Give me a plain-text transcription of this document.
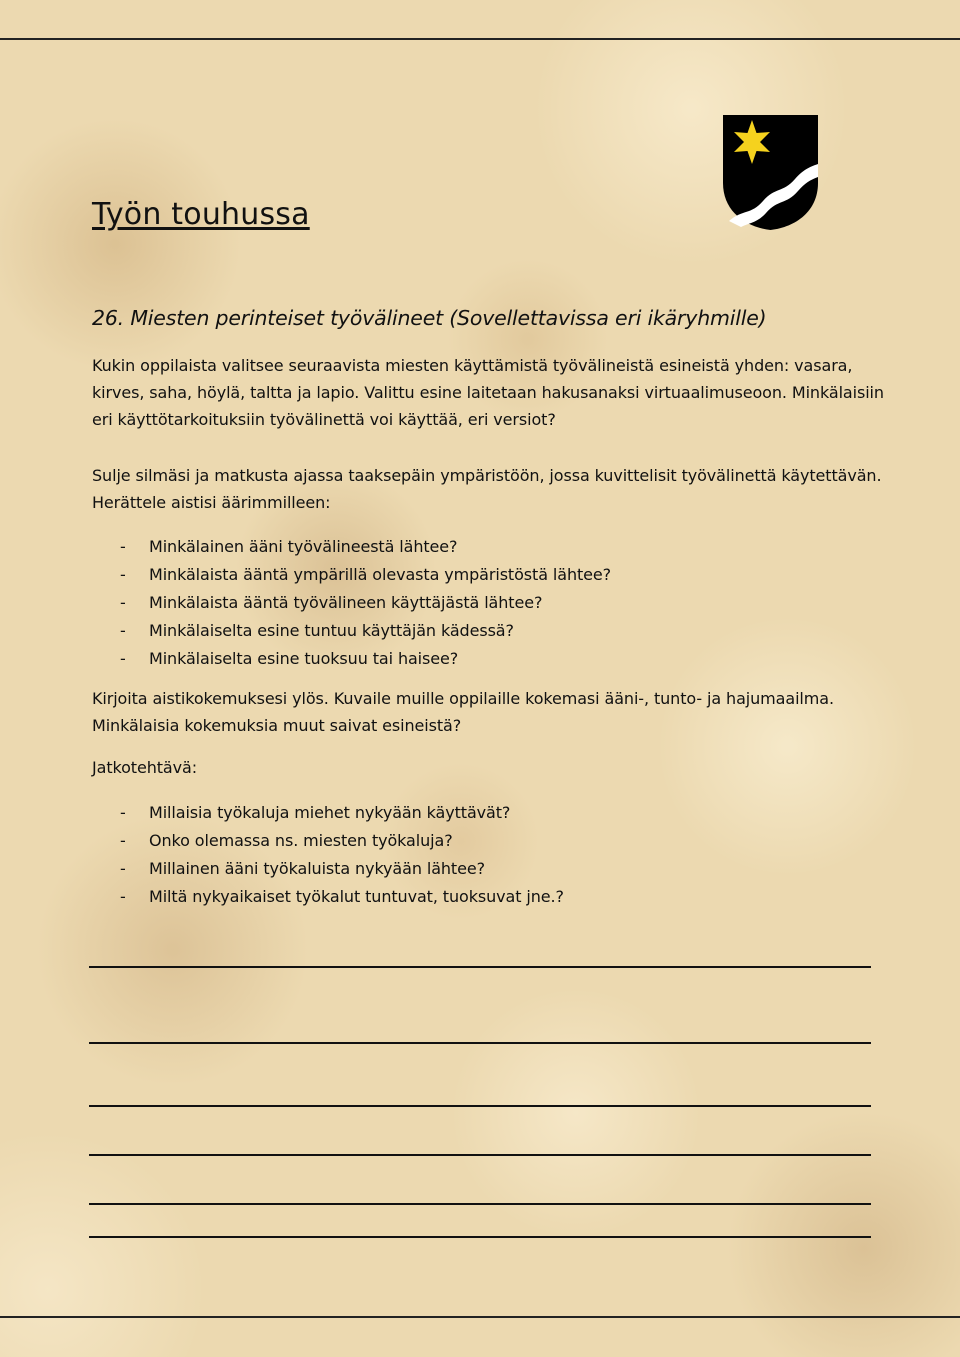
Työn touhussa
26. Miesten perinteiset työvälineet (Sovellettavissa eri ikäryhmille)

Kukin oppilaista valitsee seuraavista miesten käyttämistä työvälineistä esineistä yhden: vasara, kirves, saha, höylä, taltta ja lapio. Valittu esine laitetaan hakusanaksi virtuaalimuseoon. Minkälaisiin eri käyttötarkoituksiin työvälinettä voi käyttää, eri versiot?

Sulje silmäsi ja matkusta ajassa taaksepäin ympäristöön, jossa kuvittelisit työvälinettä käytettävän. Herättele aistisi äärimmilleen:

- Minkälainen ääni työvälineestä lähtee?
- Minkälaista ääntä ympärillä olevasta ympäristöstä lähtee?
- Minkälaista ääntä työvälineen käyttäjästä lähtee?
- Minkälaiselta esine tuntuu käyttäjän kädessä?
- Minkälaiselta esine tuoksuu tai haisee?

Kirjoita aistikokemuksesi ylös. Kuvaile muille oppilaille kokemasi ääni-, tunto- ja hajumaailma. Minkälaisia kokemuksia muut saivat esineistä?

Jatkotehtävä:

- Millaisia työkaluja miehet nykyään käyttävät?
- Onko olemassa ns. miesten työkaluja?
- Millainen ääni työkaluista nykyään lähtee?
- Miltä nykyaikaiset työkalut tuntuvat, tuoksuvat jne.?
